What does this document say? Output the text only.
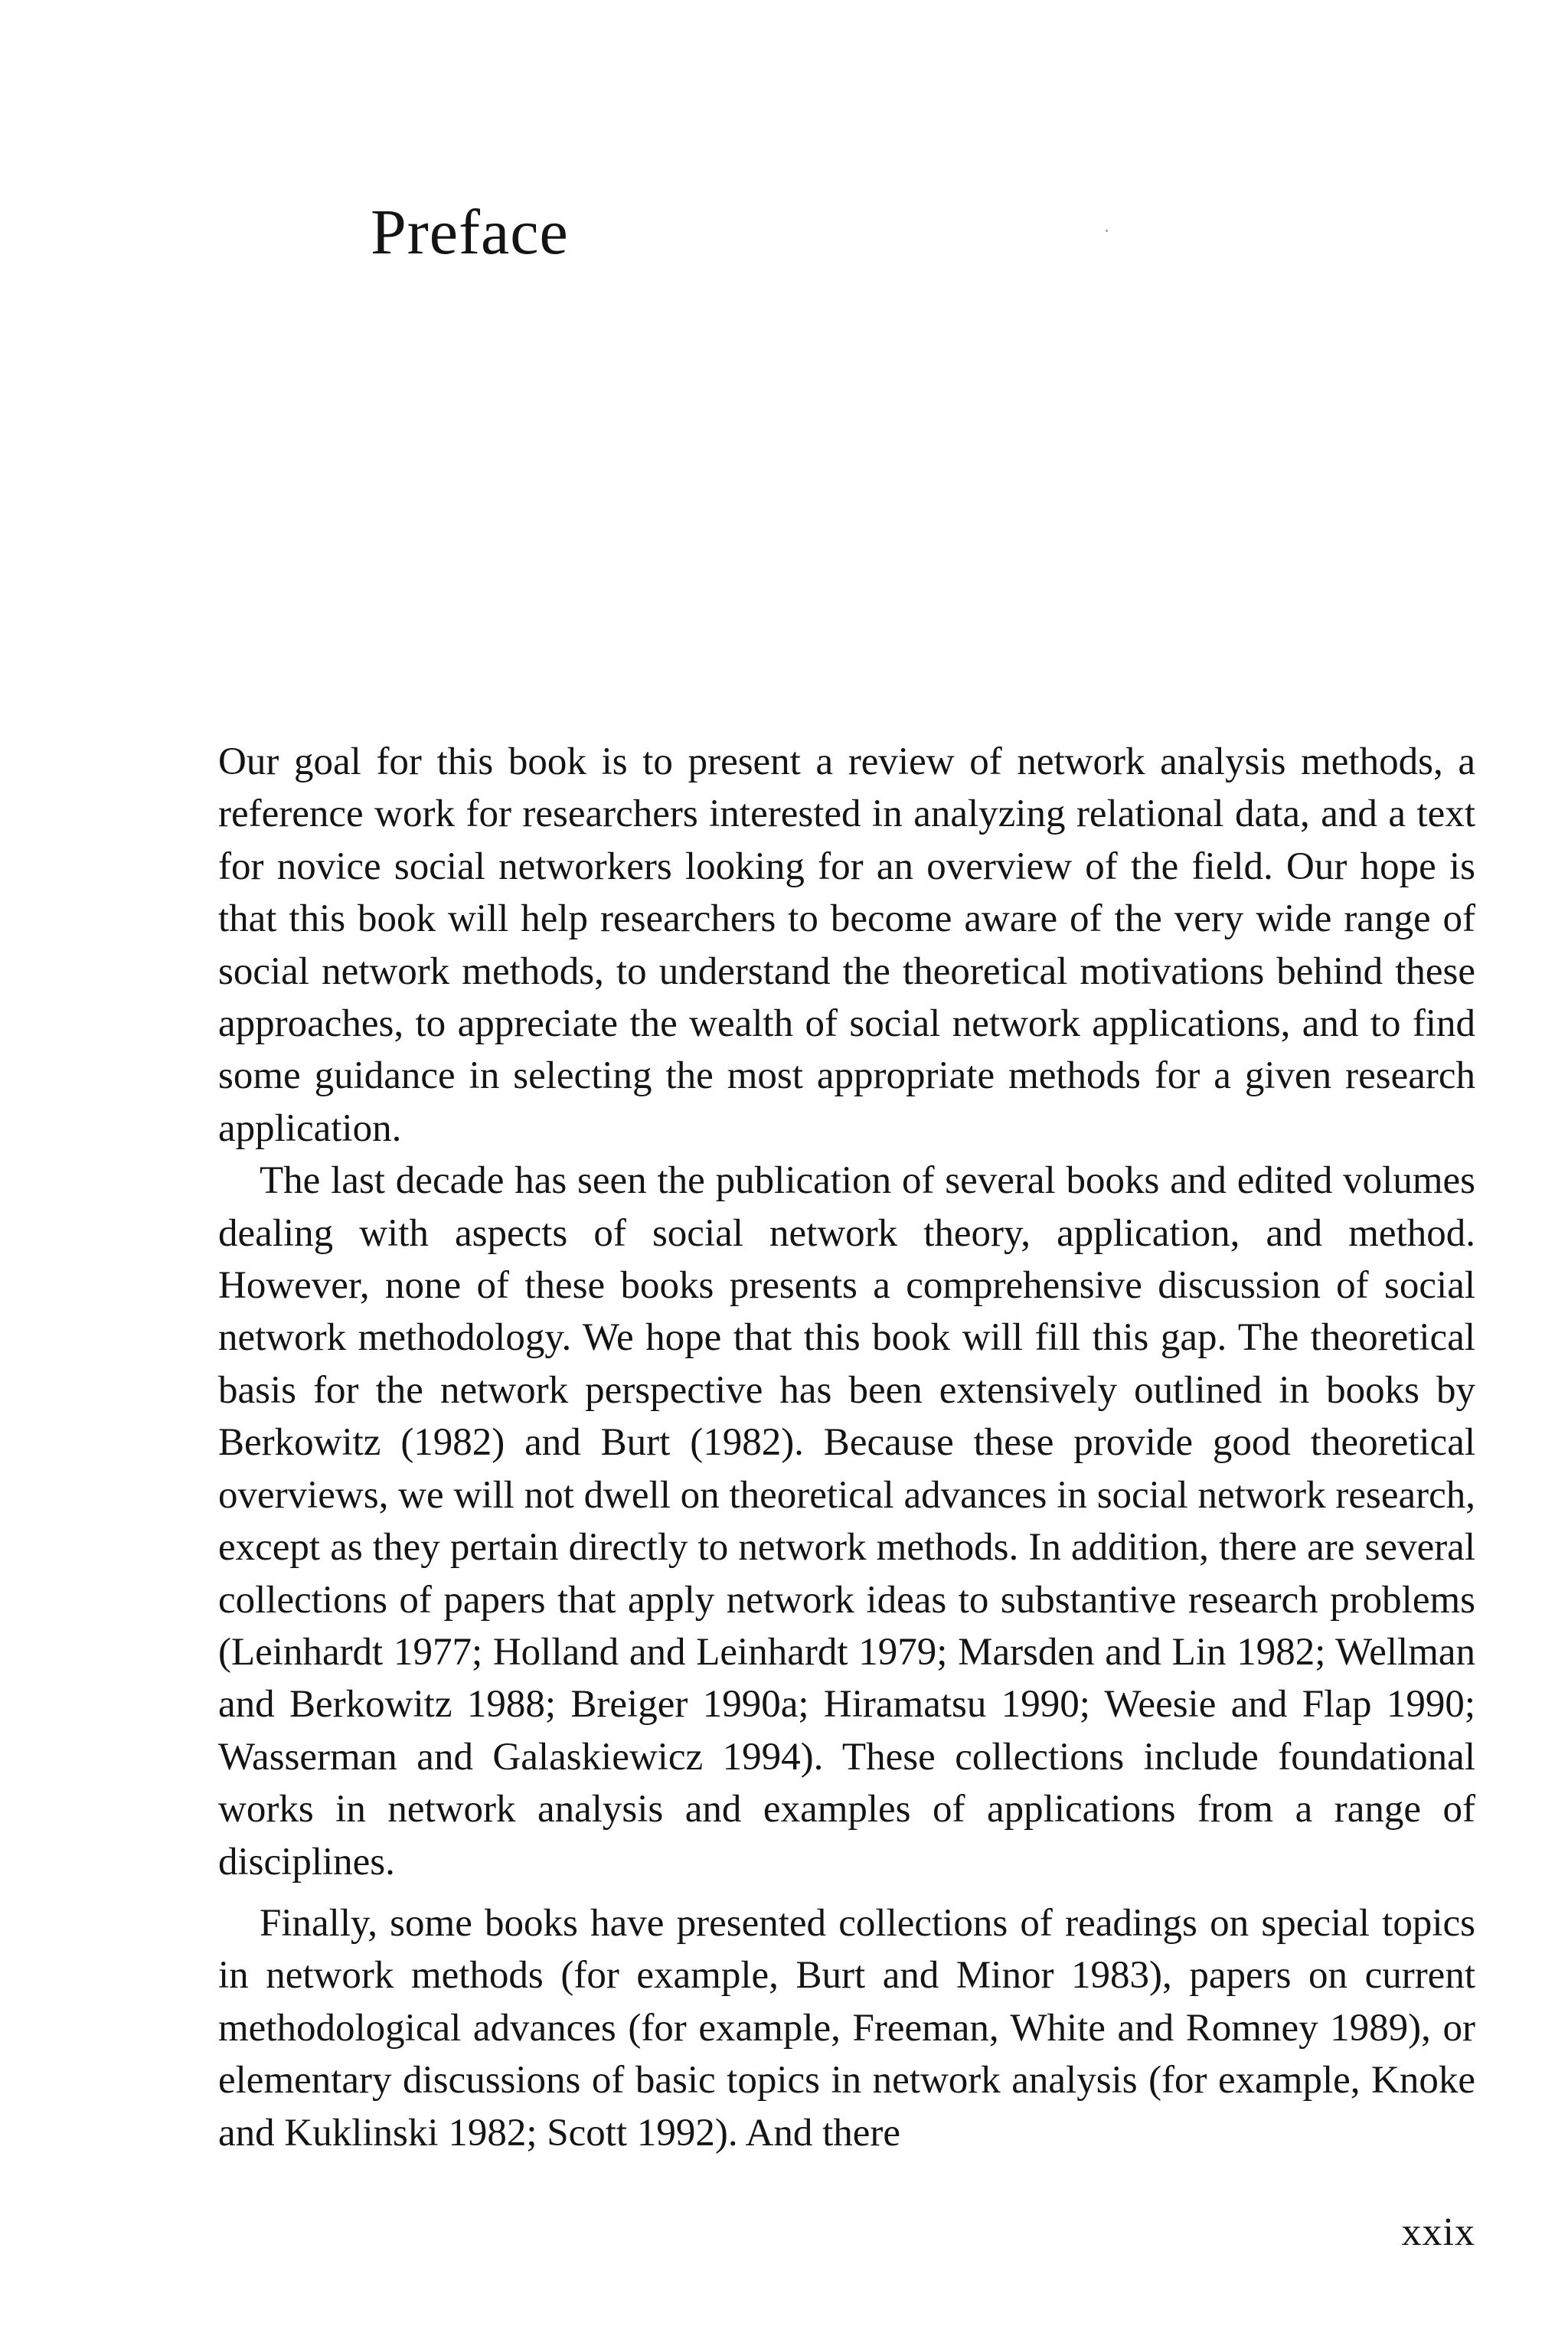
Preface

Our goal for this book is to present a review of network analysis methods, a reference work for researchers interested in analyzing relational data, and a text for novice social networkers looking for an overview of the field. Our hope is that this book will help researchers to become aware of the very wide range of social network methods, to understand the theoretical motivations behind these approaches, to appreciate the wealth of social network applications, and to find some guidance in selecting the most appropriate methods for a given research application.

The last decade has seen the publication of several books and edited volumes dealing with aspects of social network theory, application, and method. However, none of these books presents a comprehensive discussion of social network methodology. We hope that this book will fill this gap. The theoretical basis for the network perspective has been extensively outlined in books by Berkowitz (1982) and Burt (1982). Because these provide good theoretical overviews, we will not dwell on theoretical advances in social network research, except as they pertain directly to network methods. In addition, there are several collections of papers that apply network ideas to substantive research problems (Leinhardt 1977; Holland and Leinhardt 1979; Marsden and Lin 1982; Wellman and Berkowitz 1988; Breiger 1990a; Hiramatsu 1990; Weesie and Flap 1990; Wasserman and Galaskiewicz 1994). These collections include foundational works in network analysis and examples of applications from a range of disciplines.

Finally, some books have presented collections of readings on special topics in network methods (for example, Burt and Minor 1983), papers on current methodological advances (for example, Freeman, White and Romney 1989), or elementary discussions of basic topics in network analysis (for example, Knoke and Kuklinski 1982; Scott 1992). And there

xxix
